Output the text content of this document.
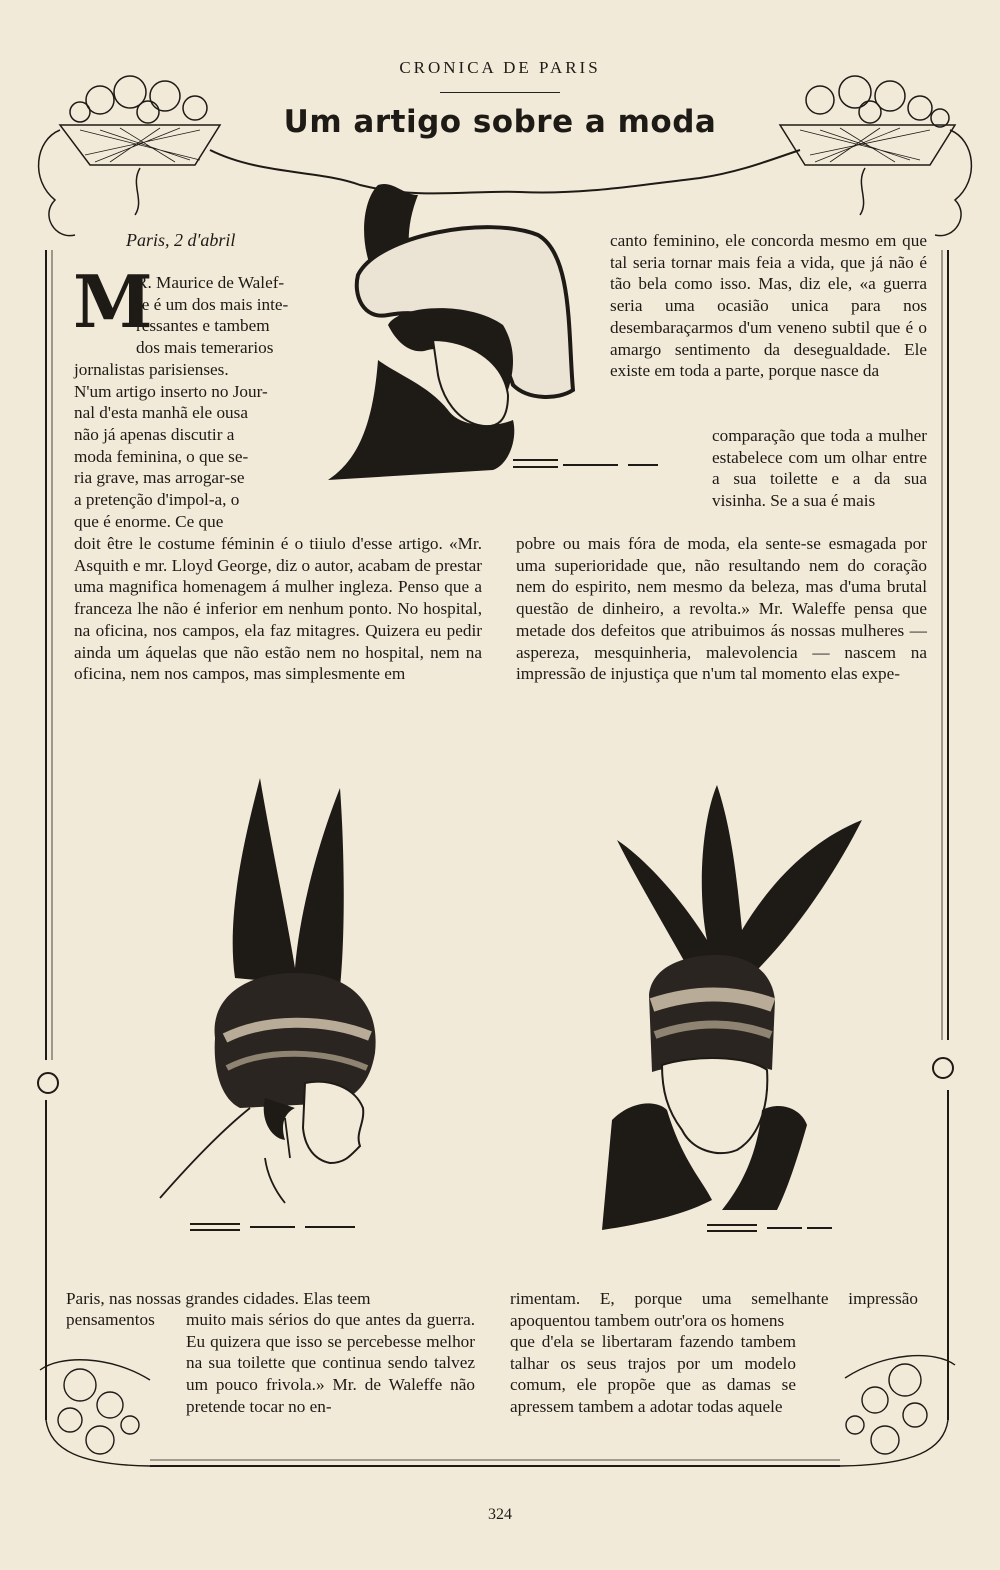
CRONICA DE PARIS
Um artigo sobre a moda
Paris, 2 d'abril
M
jornalistas parisienses.
N'um artigo inserto no Jour-
nal d'esta manhã ele ousa
não já apenas discutir a
moda feminina, o que se-
ria grave, mas arrogar-se
a pretenção d'impol-a, o
que é enorme. Ce que
R. Maurice de Walef-
fe é um dos mais inte-
ressantes e tambem
dos mais temerarios

doit être le costume féminin é o tiiulo d'esse artigo. «Mr. Asquith e mr. Lloyd George, diz o autor, acabam de prestar uma magnifica homenagem á mulher ingleza. Penso que a franceza lhe não é inferior em nenhum ponto. No hospital, na oficina, nos campos, ela faz mitagres. Quizera eu pedir ainda um áquelas que não estão nem no hospital, nem na oficina, nem nos campos, mas simplesmente em

canto feminino, ele concorda mesmo em que tal seria tornar mais feia a vida, que já não é tão bela como isso. Mas, diz ele, «a guerra seria uma ocasião unica para nos desembaraçarmos d'um veneno subtil que é o amargo sentimento da desegualdade. Ele existe em toda a parte, porque nasce da

comparação que toda a mulher estabelece com um olhar entre a sua toilette e a da sua visinha. Se a sua é mais

pobre ou mais fóra de moda, ela sente-se esmagada por uma superioridade que, não resultando nem do coração nem do espirito, nem mesmo da beleza, mas d'uma brutal questão de dinheiro, a revolta.» Mr. Waleffe pensa que metade dos defeitos que atribuimos ás nossas mulheres — aspereza, mesquinheria, malevolencia — nascem na impressão de injustiça que n'um tal momento elas expe-

Paris, nas nossas grandes cidades. Elas teem

pensamentos	muito mais sérios do que antes da guerra. Eu quizera que isso se percebesse melhor na sua toilette que continua sendo talvez um pouco frivola.» Mr. de Waleffe não pretende tocar no en-

rimentam. E, porque uma semelhante impressão apoquentou tambem outr'ora os homens

que d'ela se libertaram fazendo tambem talhar os seus trajos por um modelo comum, ele propõe que as damas se apressem tambem a adotar todas aquele

324
